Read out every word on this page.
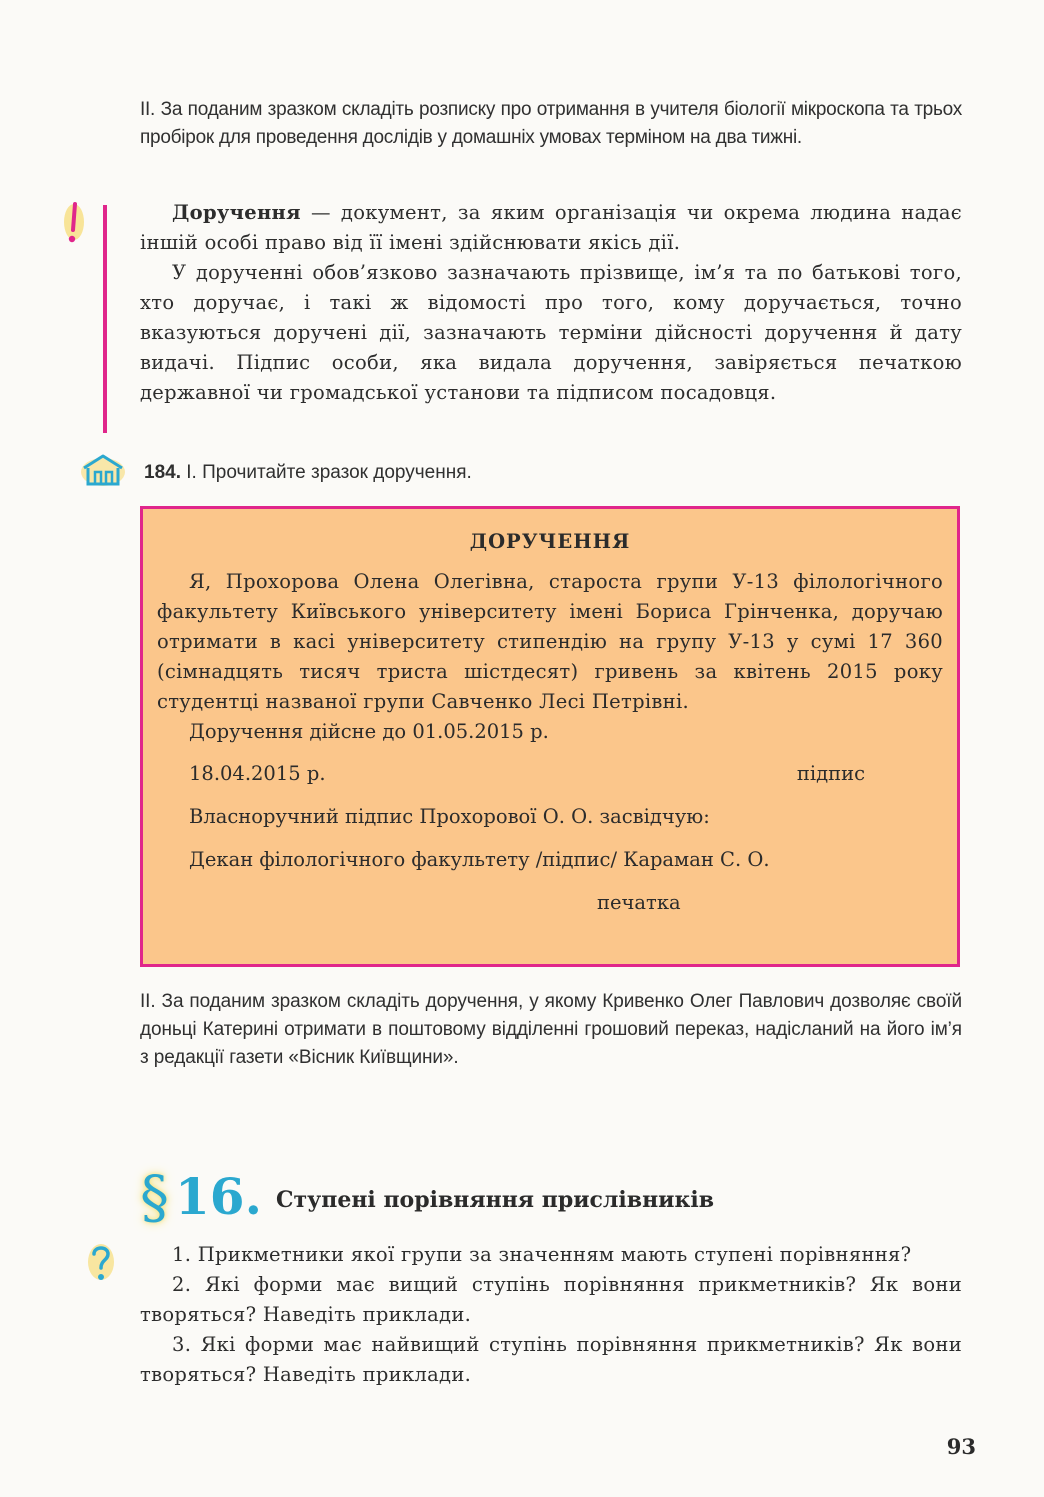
ІІ. За поданим зразком складіть розписку про отримання в учителя біології мікроскопа та трьох пробірок для проведення дослідів у домашніх умовах терміном на два тижні.

Доручення — документ, за яким організація чи окрема людина надає іншій особі право від її імені здійснювати якісь дії.

У дорученні обов’язково зазначають прізвище, ім’я та по батькові того, хто доручає, і такі ж відомості про того, кому доручається, точно вказуються доручені дії, зазначають терміни дійсності доручення й дату видачі. Підпис особи, яка видала доручення, завіряється печаткою державної чи громадської установи та підписом посадовця.

184. І. Прочитайте зразок доручення.
ДОРУЧЕННЯ

Я, Прохорова Олена Олегівна, староста групи У-13 філологічного факультету Київського університету імені Бориса Грінченка, доручаю отримати в касі університету стипендію на групу У-13 у сумі 17 360 (сімнадцять тисяч триста шістдесят) гривень за квітень 2015 року студентці названої групи Савченко Лесі Петрівні.

Доручення дійсне до 01.05.2015 р.

18.04.2015 р.	підпис

Власноручний підпис Прохорової О. О. засвідчую:

Декан філологічного факультету /підпис/ Караман С. О.

печатка

ІІ. За поданим зразком складіть доручення, у якому Кривенко Олег Павлович дозволяє своїй доньці Катерині отримати в поштовому відділенні грошовий переказ, надісланий на його ім’я з редакції газети «Вісник Київщини».
§ 16. Ступені порівняння прислівників

1. Прикметники якої групи за значенням мають ступені порівняння?

2. Які форми має вищий ступінь порівняння прикметників? Як вони творяться? Наведіть приклади.

3. Які форми має найвищий ступінь порівняння прикметників? Як вони творяться? Наведіть приклади.

93
